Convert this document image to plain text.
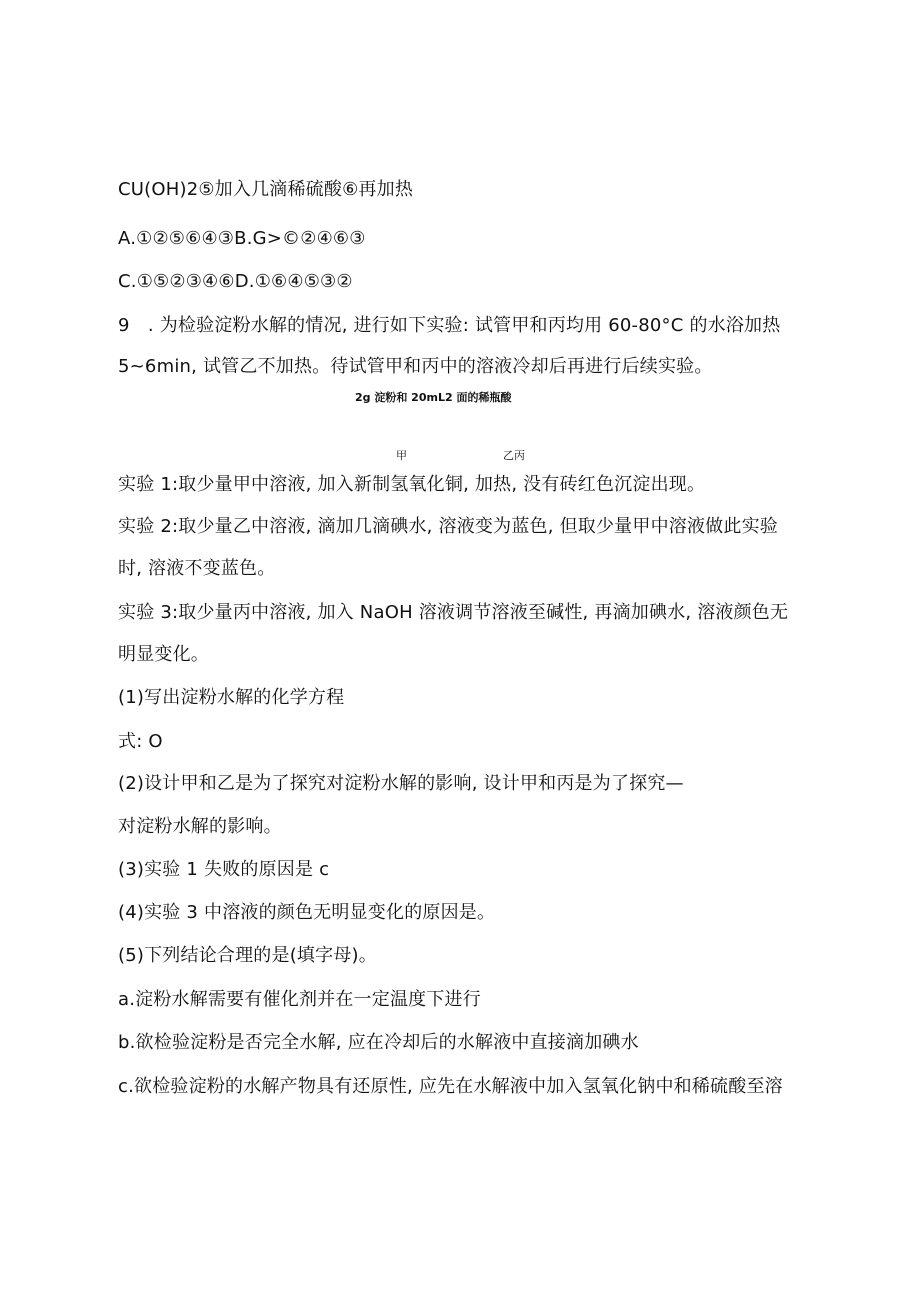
CU(OH)2⑤加入几滴稀硫酸⑥再加热
A.①②⑤⑥④③B.G>©②④⑥③
C.①⑤②③④⑥D.①⑥④⑤③②
9　. 为检验淀粉水解的情况, 进行如下实验: 试管甲和丙均用 60-80°C 的水浴加热
5~6min, 试管乙不加热。待试管甲和丙中的溶液冷却后再进行后续实验。
2g 淀粉和 20mL2 面的稀瓶酸
甲	乙丙
实验 1:取少量甲中溶液, 加入新制氢氧化铜, 加热, 没有砖红色沉淀出现。
实验 2:取少量乙中溶液, 滴加几滴碘水, 溶液变为蓝色, 但取少量甲中溶液做此实验
时, 溶液不变蓝色。
实验 3:取少量丙中溶液, 加入 NaOH 溶液调节溶液至碱性, 再滴加碘水, 溶液颜色无
明显变化。
(1)写出淀粉水解的化学方程
式: O
(2)设计甲和乙是为了探究对淀粉水解的影响, 设计甲和丙是为了探究—
对淀粉水解的影响。
(3)实验 1 失败的原因是 c
(4)实验 3 中溶液的颜色无明显变化的原因是。
(5)下列结论合理的是(填字母)。
a.淀粉水解需要有催化剂并在一定温度下进行
b.欲检验淀粉是否完全水解, 应在冷却后的水解液中直接滴加碘水
c.欲检验淀粉的水解产物具有还原性, 应先在水解液中加入氢氧化钠中和稀硫酸至溶
